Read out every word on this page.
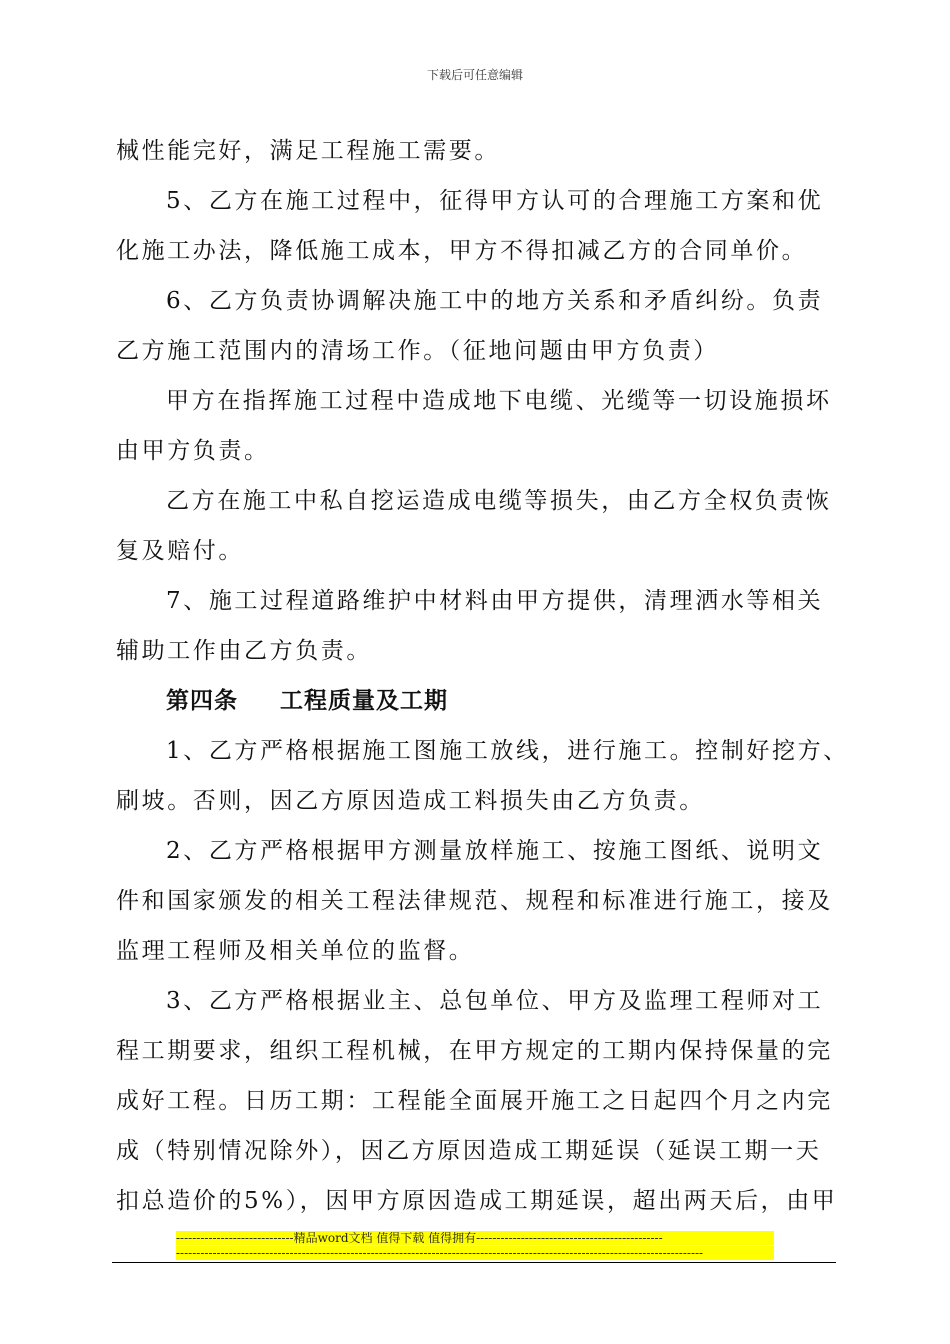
下载后可任意编辑
械性能完好，满足工程施工需要。
5、乙方在施工过程中，征得甲方认可的合理施工方案和优
化施工办法，降低施工成本，甲方不得扣减乙方的合同单价。
6、乙方负责协调解决施工中的地方关系和矛盾纠纷。负责
乙方施工范围内的清场工作。（征地问题由甲方负责）
甲方在指挥施工过程中造成地下电缆、光缆等一切设施损坏
由甲方负责。
乙方在施工中私自挖运造成电缆等损失，由乙方全权负责恢
复及赔付。
7、施工过程道路维护中材料由甲方提供，清理洒水等相关
辅助工作由乙方负责。
第四条 工程质量及工期
1、乙方严格根据施工图施工放线，进行施工。控制好挖方、
刷坡。否则，因乙方原因造成工料损失由乙方负责。
2、乙方严格根据甲方测量放样施工、按施工图纸、说明文
件和国家颁发的相关工程法律规范、规程和标准进行施工，接及
监理工程师及相关单位的监督。
3、乙方严格根据业主、总包单位、甲方及监理工程师对工
程工期要求，组织工程机械，在甲方规定的工期内保持保量的完
成好工程。日历工期：工程能全面展开施工之日起四个月之内完
成（特别情况除外），因乙方原因造成工期延误（延误工期一天
扣总造价的5%），因甲方原因造成工期延误，超出两天后，由甲
-----------------------------精品word文档 值得下载 值得拥有----------------------------------------------
----------------------------------------------------------------------------------------------------------------------------------
